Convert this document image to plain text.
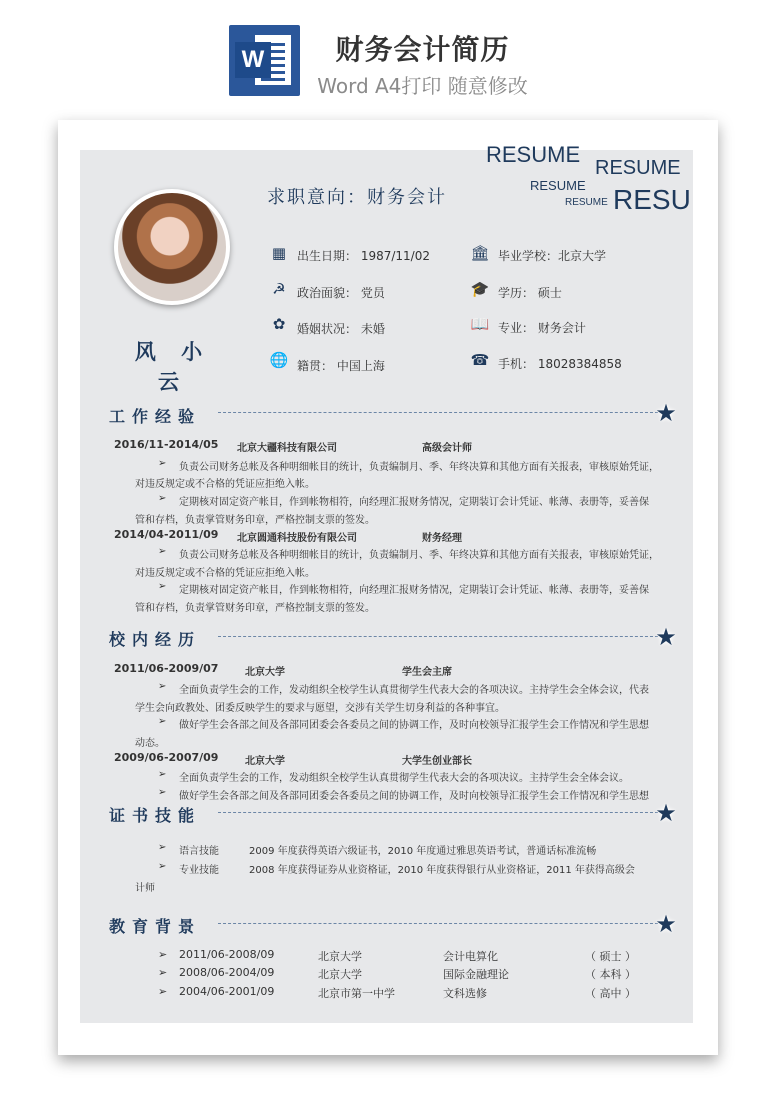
W	财务会计简历
Word A4打印 随意修改
RESUME
RESUME
RESUME
RESUME RESU
风 小 云
求职意向：财务会计
▦ 出生日期： 1987/11/02	🏛 毕业学校：北京大学
☭ 政治面貌： 党员	🎓 学历： 硕士
✿ 婚姻状况： 未婚	📖 专业： 财务会计
🌐 籍贯： 中国上海	☎ 手机： 18028384858
工作经验	★
2016/11-2014/05 北京大疆科技有限公司	高级会计师
➢ 负责公司财务总帐及各种明细帐目的统计，负责编制月、季、年终决算和其他方面有关报表，审核原始凭证，
对违反规定或不合格的凭证应拒绝入帐。
➢ 定期核对固定资产帐目，作到帐物相符，向经理汇报财务情况，定期装订会计凭证、帐薄、表册等，妥善保
管和存档，负责掌管财务印章，严格控制支票的签发。
2014/04-2011/09 北京圆通科技股份有限公司	财务经理
➢ 负责公司财务总帐及各种明细帐目的统计，负责编制月、季、年终决算和其他方面有关报表，审核原始凭证，
对违反规定或不合格的凭证应拒绝入帐。
➢ 定期核对固定资产帐目，作到帐物相符，向经理汇报财务情况，定期装订会计凭证、帐薄、表册等，妥善保
管和存档，负责掌管财务印章，严格控制支票的签发。
校内经历	★
2011/06-2009/07	北京大学	学生会主席
➢ 全面负责学生会的工作，发动组织全校学生认真贯彻学生代表大会的各项决议。主持学生会全体会议，代表
学生会向政教处、团委反映学生的要求与愿望，交涉有关学生切身利益的各种事宜。
➢ 做好学生会各部之间及各部同团委会各委员之间的协调工作，及时向校领导汇报学生会工作情况和学生思想
动态。
2009/06-2007/09	北京大学	大学生创业部长
➢ 全面负责学生会的工作，发动组织全校学生认真贯彻学生代表大会的各项决议。主持学生会全体会议。
➢ 做好学生会各部之间及各部同团委会各委员之间的协调工作，及时向校领导汇报学生会工作情况和学生思想
证书技能	★
➢ 语言技能	2009 年度获得英语六级证书，2010 年度通过雅思英语考试，普通话标准流畅
➢ 专业技能	2008 年度获得证券从业资格证，2010 年度获得银行从业资格证，2011 年获得高级会
计师
教育背景	★
➢ 2011/06-2008/09	北京大学	会计电算化	（ 硕士 ）
➢ 2008/06-2004/09	北京大学	国际金融理论	（ 本科 ）
➢ 2004/06-2001/09	北京市第一中学	文科选修	（ 高中 ）
